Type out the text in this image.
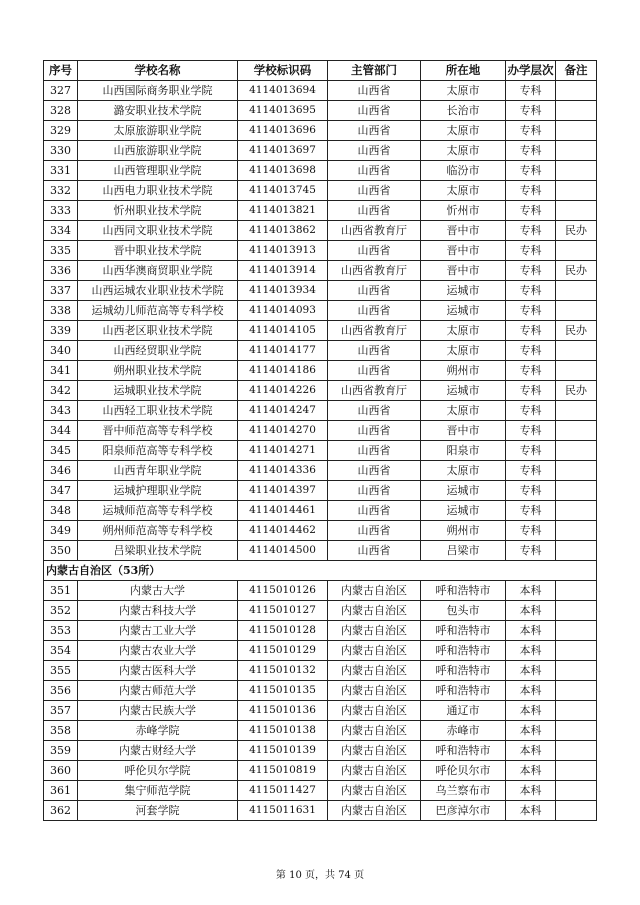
序号	学校名称	学校标识码	主管部门	所在地	办学层次	备注
327	山西国际商务职业学院	4114013694	山西省	太原市	专科	
328	潞安职业技术学院	4114013695	山西省	长治市	专科	
329	太原旅游职业学院	4114013696	山西省	太原市	专科	
330	山西旅游职业学院	4114013697	山西省	太原市	专科	
331	山西管理职业学院	4114013698	山西省	临汾市	专科	
332	山西电力职业技术学院	4114013745	山西省	太原市	专科	
333	忻州职业技术学院	4114013821	山西省	忻州市	专科	
334	山西同文职业技术学院	4114013862	山西省教育厅	晋中市	专科	民办
335	晋中职业技术学院	4114013913	山西省	晋中市	专科	
336	山西华澳商贸职业学院	4114013914	山西省教育厅	晋中市	专科	民办
337	山西运城农业职业技术学院	4114013934	山西省	运城市	专科	
338	运城幼儿师范高等专科学校	4114014093	山西省	运城市	专科	
339	山西老区职业技术学院	4114014105	山西省教育厅	太原市	专科	民办
340	山西经贸职业学院	4114014177	山西省	太原市	专科	
341	朔州职业技术学院	4114014186	山西省	朔州市	专科	
342	运城职业技术学院	4114014226	山西省教育厅	运城市	专科	民办
343	山西轻工职业技术学院	4114014247	山西省	太原市	专科	
344	晋中师范高等专科学校	4114014270	山西省	晋中市	专科	
345	阳泉师范高等专科学校	4114014271	山西省	阳泉市	专科	
346	山西青年职业学院	4114014336	山西省	太原市	专科	
347	运城护理职业学院	4114014397	山西省	运城市	专科	
348	运城师范高等专科学校	4114014461	山西省	运城市	专科	
349	朔州师范高等专科学校	4114014462	山西省	朔州市	专科	
350	吕梁职业技术学院	4114014500	山西省	吕梁市	专科	
内蒙古自治区（53所）						
351	内蒙古大学	4115010126	内蒙古自治区	呼和浩特市	本科	
352	内蒙古科技大学	4115010127	内蒙古自治区	包头市	本科	
353	内蒙古工业大学	4115010128	内蒙古自治区	呼和浩特市	本科	
354	内蒙古农业大学	4115010129	内蒙古自治区	呼和浩特市	本科	
355	内蒙古医科大学	4115010132	内蒙古自治区	呼和浩特市	本科	
356	内蒙古师范大学	4115010135	内蒙古自治区	呼和浩特市	本科	
357	内蒙古民族大学	4115010136	内蒙古自治区	通辽市	本科	
358	赤峰学院	4115010138	内蒙古自治区	赤峰市	本科	
359	内蒙古财经大学	4115010139	内蒙古自治区	呼和浩特市	本科	
360	呼伦贝尔学院	4115010819	内蒙古自治区	呼伦贝尔市	本科	
361	集宁师范学院	4115011427	内蒙古自治区	乌兰察布市	本科	
362	河套学院	4115011631	内蒙古自治区	巴彦淖尔市	本科	
第 10 页，共 74 页
